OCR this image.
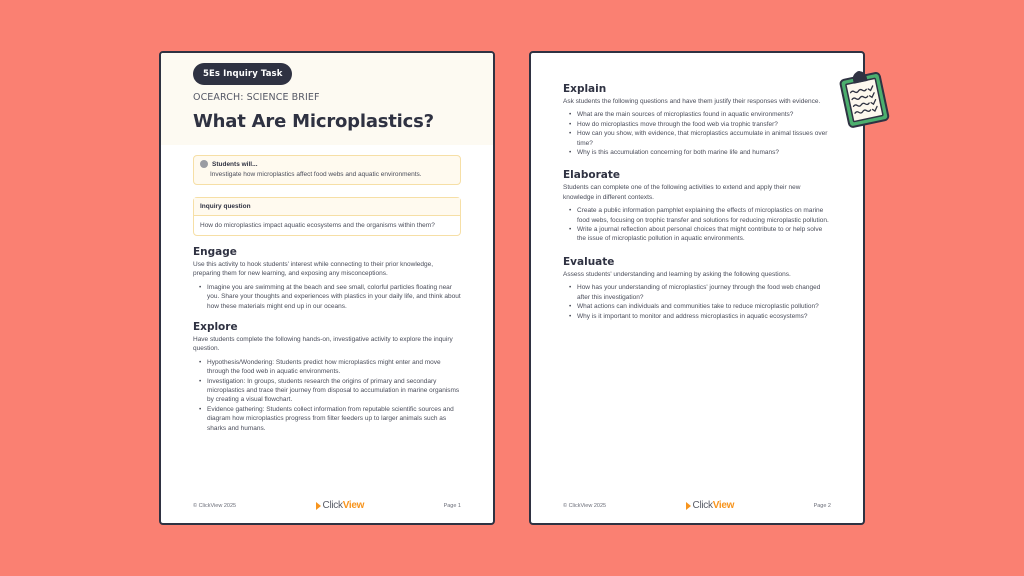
5Es Inquiry Task
OCEARCH: SCIENCE BRIEF
What Are Microplastics?
Students will...
Investigate how microplastics affect food webs and aquatic environments.
Inquiry question
How do microplastics impact aquatic ecosystems and the organisms within them?
Engage
Use this activity to hook students' interest while connecting to their prior knowledge, preparing them for new learning, and exposing any misconceptions.
• Imagine you are swimming at the beach and see small, colorful particles floating near you. Share your thoughts and experiences with plastics in your daily life, and think about how these materials might end up in our oceans.
Explore
Have students complete the following hands-on, investigative activity to explore the inquiry question.
• Hypothesis/Wondering: Students predict how microplastics might enter and move through the food web in aquatic environments.
• Investigation: In groups, students research the origins of primary and secondary microplastics and trace their journey from disposal to accumulation in marine organisms by creating a visual flowchart.
• Evidence gathering: Students collect information from reputable scientific sources and diagram how microplastics progress from filter feeders up to larger animals such as sharks and humans.
© ClickView 2025	Click View	Page 1
Explain
Ask students the following questions and have them justify their responses with evidence.
• What are the main sources of microplastics found in aquatic environments?
• How do microplastics move through the food web via trophic transfer?
• How can you show, with evidence, that microplastics accumulate in animal tissues over time?
• Why is this accumulation concerning for both marine life and humans?
Elaborate
Students can complete one of the following activities to extend and apply their new knowledge in different contexts.
• Create a public information pamphlet explaining the effects of microplastics on marine food webs, focusing on trophic transfer and solutions for reducing microplastic pollution.
• Write a journal reflection about personal choices that might contribute to or help solve the issue of microplastic pollution in aquatic environments.
Evaluate
Assess students' understanding and learning by asking the following questions.
• How has your understanding of microplastics' journey through the food web changed after this investigation?
• What actions can individuals and communities take to reduce microplastic pollution?
• Why is it important to monitor and address microplastics in aquatic ecosystems?
© ClickView 2025	Click View	Page 2
